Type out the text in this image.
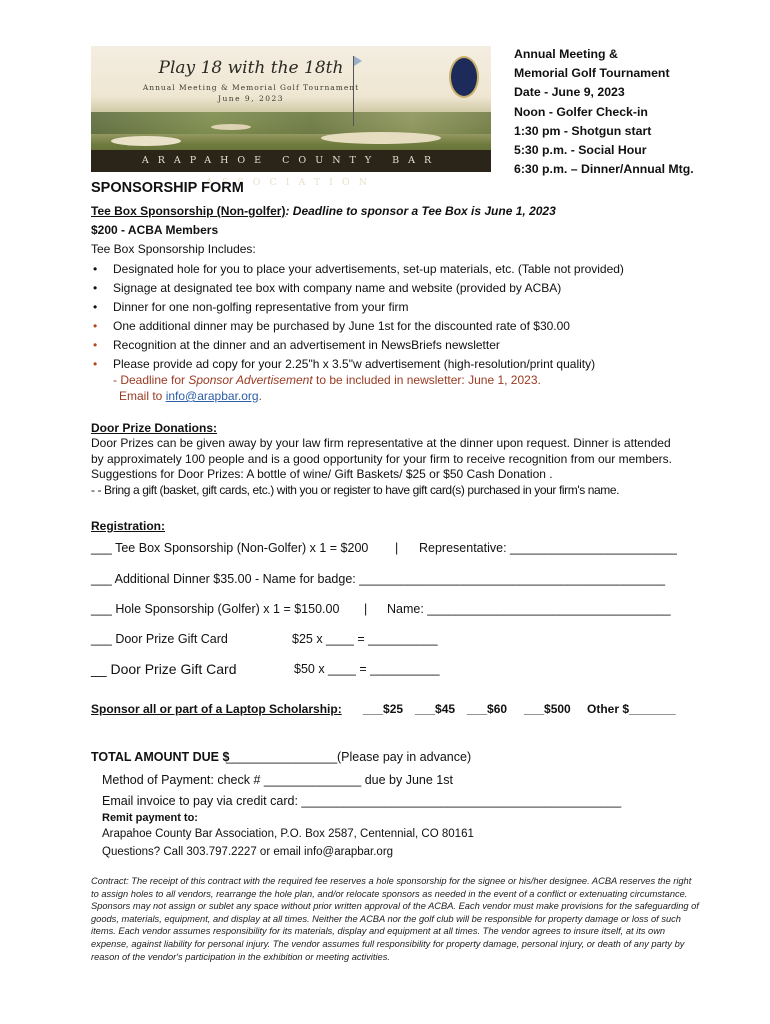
Play 18 with the 18th
Annual Meeting & Memorial Golf Tournament
June 9, 2023
ARAPAHOE COUNTY BAR ASSOCIATION
Annual Meeting &
Memorial Golf Tournament
Date - June 9, 2023
Noon - Golfer Check-in
1:30 pm - Shotgun start
5:30 p.m. - Social Hour
6:30 p.m. – Dinner/Annual Mtg.
SPONSORSHIP FORM
Tee Box Sponsorship (Non-golfer): Deadline to sponsor a Tee Box is June 1, 2023
$200 - ACBA Members
Tee Box Sponsorship Includes:
• Designated hole for you to place your advertisements, set-up materials, etc. (Table not provided)
• Signage at designated tee box with company name and website (provided by ACBA)
• Dinner for one non-golfing representative from your firm
• One additional dinner may be purchased by June 1st for the discounted rate of $30.00
• Recognition at the dinner and an advertisement in NewsBriefs newsletter
• Please provide ad copy for your 2.25"h x 3.5"w advertisement (high-resolution/print quality)
- Deadline for Sponsor Advertisement to be included in newsletter: June 1, 2023.
Email to info@arapbar.org.
Door Prize Donations:
Door Prizes can be given away by your law firm representative at the dinner upon request. Dinner is attended
by approximately 100 people and is a good opportunity for your firm to receive recognition from our members.
Suggestions for Door Prizes: A bottle of wine/ Gift Baskets/ $25 or $50 Cash Donation .
- - Bring a gift (basket, gift cards, etc.) with you or register to have gift card(s) purchased in your firm's name.
Registration:
___ Tee Box Sponsorship (Non-Golfer) x 1 = $200 | Representative: ________________________
___ Additional Dinner $35.00 - Name for badge: ____________________________________________
___ Hole Sponsorship (Golfer) x 1 = $150.00 | Name: ___________________________________
___ Door Prize Gift Card	$25 x ____ = __________
__ Door Prize Gift Card	$50 x ____ = __________
Sponsor all or part of a Laptop Scholarship: ___$25 ___$45 ___$60 ___$500 Other $_______
TOTAL AMOUNT DUE $
________________ (Please pay in advance)
Method of Payment: check # ______________ due by June 1st
Email invoice to pay via credit card: ______________________________________________
Remit payment to:
Arapahoe County Bar Association, P.O. Box 2587, Centennial, CO 80161
Questions? Call 303.797.2227 or email info@arapbar.org
Contract: The receipt of this contract with the required fee reserves a hole sponsorship for the signee or his/her designee. ACBA reserves the right to assign holes to all vendors, rearrange the hole plan, and/or relocate sponsors as needed in the event of a conflict or extenuating circumstance. Sponsors may not assign or sublet any space without prior written approval of the ACBA. Each vendor must make provisions for the safeguarding of goods, materials, equipment, and display at all times. Neither the ACBA nor the golf club will be responsible for property damage or loss of such items. Each vendor assumes responsibility for its materials, display and equipment at all times. The vendor agrees to insure itself, at its own expense, against liability for personal injury. The vendor assumes full responsibility for property damage, personal injury, or death of any party by reason of the vendor's participation in the exhibition or meeting activities.
